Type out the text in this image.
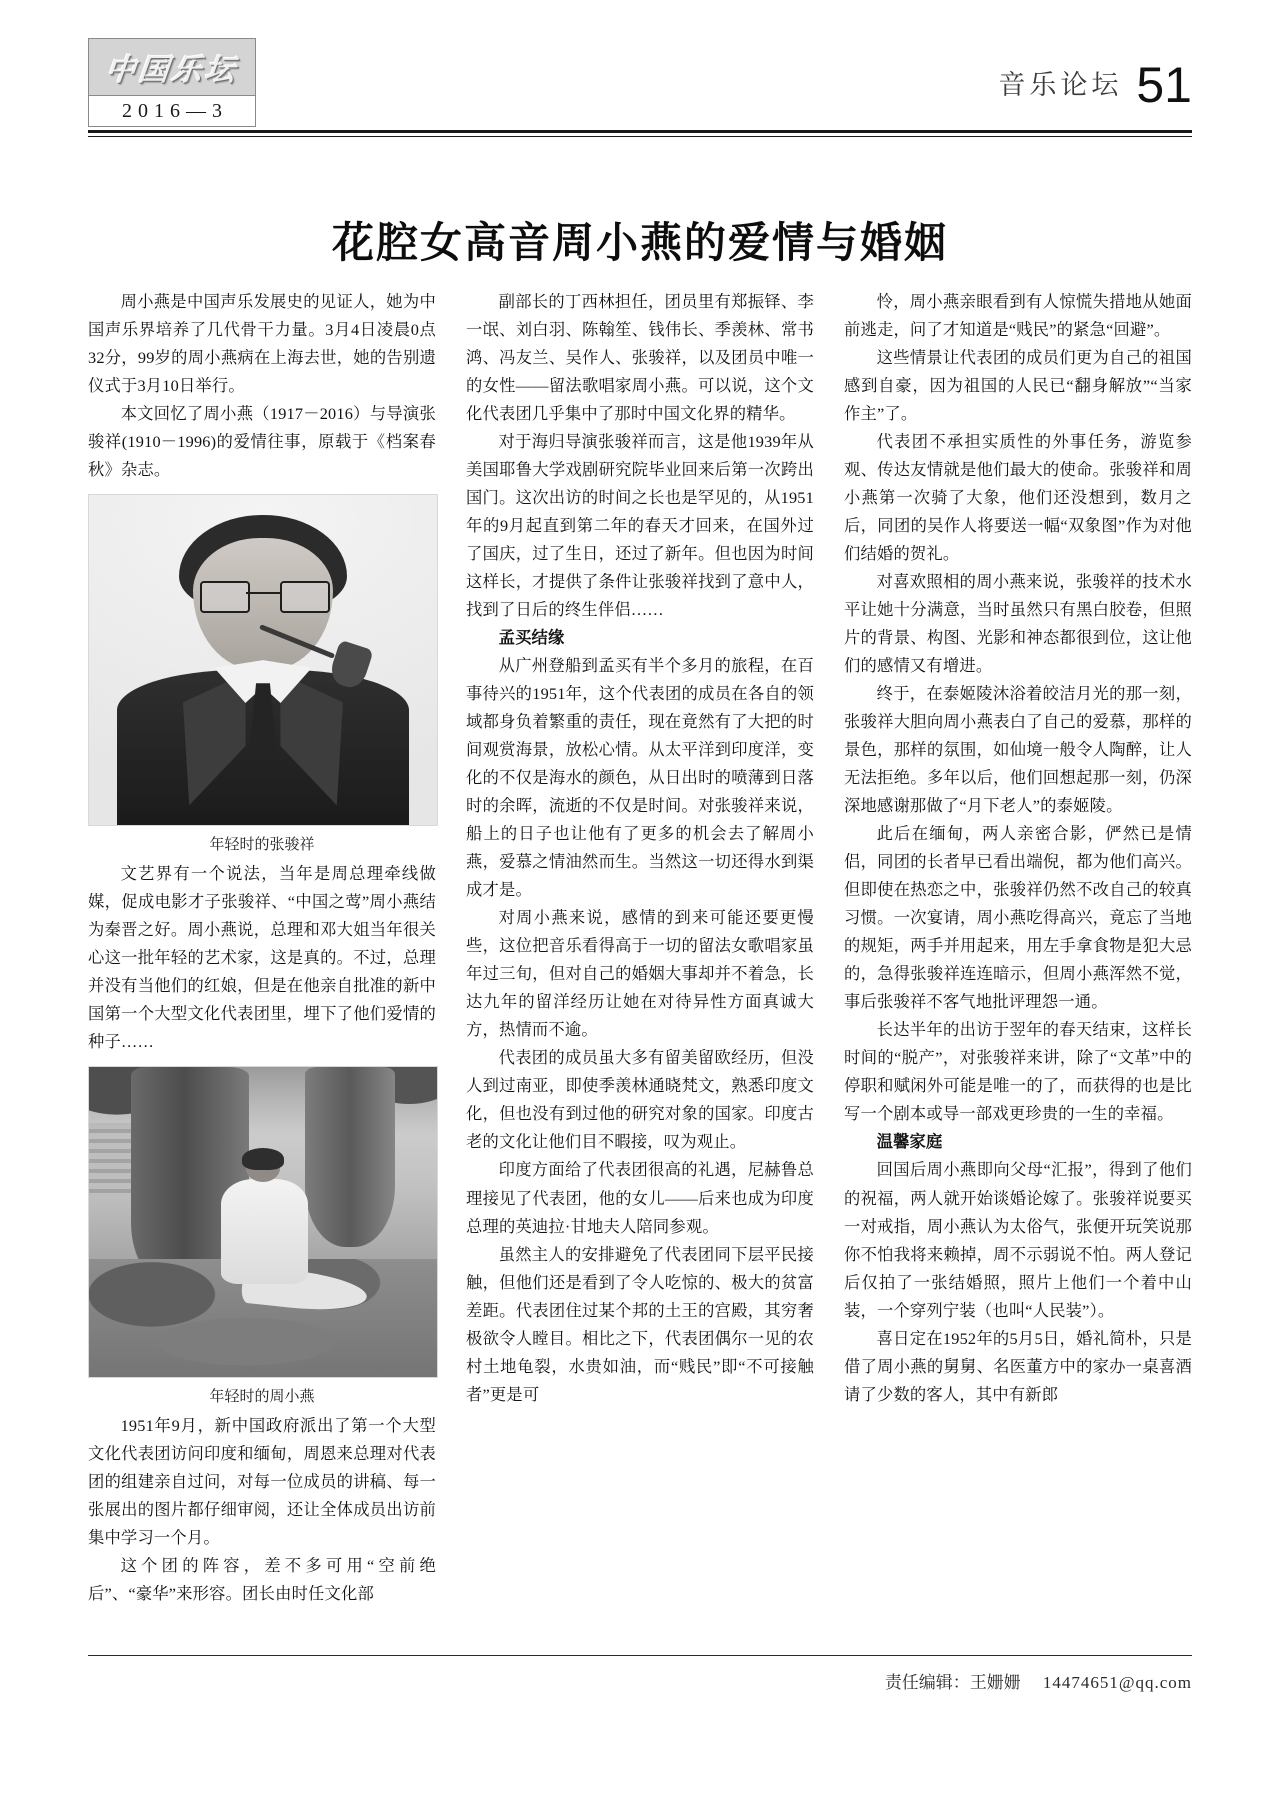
中国乐坛
2016—3
音乐论坛 51
花腔女高音周小燕的爱情与婚姻

周小燕是中国声乐发展史的见证人，她为中国声乐界培养了几代骨干力量。3月4日凌晨0点32分，99岁的周小燕病在上海去世，她的告别遗仪式于3月10日举行。

本文回忆了周小燕（1917－2016）与导演张骏祥(1910－1996)的爱情往事，原载于《档案春秋》杂志。

年轻时的张骏祥

文艺界有一个说法，当年是周总理牵线做媒，促成电影才子张骏祥、“中国之莺”周小燕结为秦晋之好。周小燕说，总理和邓大姐当年很关心这一批年轻的艺术家，这是真的。不过，总理并没有当他们的红娘，但是在他亲自批准的新中国第一个大型文化代表团里，埋下了他们爱情的种子……

年轻时的周小燕

1951年9月，新中国政府派出了第一个大型文化代表团访问印度和缅甸，周恩来总理对代表团的组建亲自过问，对每一位成员的讲稿、每一张展出的图片都仔细审阅，还让全体成员出访前集中学习一个月。

这个团的阵容，差不多可用“空前绝后”、“豪华”来形容。团长由时任文化部

副部长的丁西林担任，团员里有郑振铎、李一氓、刘白羽、陈翰笙、钱伟长、季羡林、常书鸿、冯友兰、吴作人、张骏祥，以及团员中唯一的女性——留法歌唱家周小燕。可以说，这个文化代表团几乎集中了那时中国文化界的精华。

对于海归导演张骏祥而言，这是他1939年从美国耶鲁大学戏剧研究院毕业回来后第一次跨出国门。这次出访的时间之长也是罕见的，从1951年的9月起直到第二年的春天才回来，在国外过了国庆，过了生日，还过了新年。但也因为时间这样长，才提供了条件让张骏祥找到了意中人，找到了日后的终生伴侣……

孟买结缘

从广州登船到孟买有半个多月的旅程，在百事待兴的1951年，这个代表团的成员在各自的领域都身负着繁重的责任，现在竟然有了大把的时间观赏海景，放松心情。从太平洋到印度洋，变化的不仅是海水的颜色，从日出时的喷薄到日落时的余晖，流逝的不仅是时间。对张骏祥来说，船上的日子也让他有了更多的机会去了解周小燕，爱慕之情油然而生。当然这一切还得水到渠成才是。

对周小燕来说，感情的到来可能还要更慢些，这位把音乐看得高于一切的留法女歌唱家虽年过三旬，但对自己的婚姻大事却并不着急，长达九年的留洋经历让她在对待异性方面真诚大方，热情而不逾。

代表团的成员虽大多有留美留欧经历，但没人到过南亚，即使季羡林通晓梵文，熟悉印度文化，但也没有到过他的研究对象的国家。印度古老的文化让他们目不暇接，叹为观止。

印度方面给了代表团很高的礼遇，尼赫鲁总理接见了代表团，他的女儿——后来也成为印度总理的英迪拉·甘地夫人陪同参观。

虽然主人的安排避免了代表团同下层平民接触，但他们还是看到了令人吃惊的、极大的贫富差距。代表团住过某个邦的土王的宫殿，其穷奢极欲令人瞠目。相比之下，代表团偶尔一见的农村土地龟裂，水贵如油，而“贱民”即“不可接触者”更是可

怜，周小燕亲眼看到有人惊慌失措地从她面前逃走，问了才知道是“贱民”的紧急“回避”。

这些情景让代表团的成员们更为自己的祖国感到自豪，因为祖国的人民已“翻身解放”“当家作主”了。

代表团不承担实质性的外事任务，游览参观、传达友情就是他们最大的使命。张骏祥和周小燕第一次骑了大象，他们还没想到，数月之后，同团的吴作人将要送一幅“双象图”作为对他们结婚的贺礼。

对喜欢照相的周小燕来说，张骏祥的技术水平让她十分满意，当时虽然只有黑白胶卷，但照片的背景、构图、光影和神态都很到位，这让他们的感情又有增进。

终于，在泰姬陵沐浴着皎洁月光的那一刻，张骏祥大胆向周小燕表白了自己的爱慕，那样的景色，那样的氛围，如仙境一般令人陶醉，让人无法拒绝。多年以后，他们回想起那一刻，仍深深地感谢那做了“月下老人”的泰姬陵。

此后在缅甸，两人亲密合影，俨然已是情侣，同团的长者早已看出端倪，都为他们高兴。但即使在热恋之中，张骏祥仍然不改自己的较真习惯。一次宴请，周小燕吃得高兴，竟忘了当地的规矩，两手并用起来，用左手拿食物是犯大忌的，急得张骏祥连连暗示，但周小燕浑然不觉，事后张骏祥不客气地批评理怨一通。

长达半年的出访于翌年的春天结束，这样长时间的“脱产”，对张骏祥来讲，除了“文革”中的停职和赋闲外可能是唯一的了，而获得的也是比写一个剧本或导一部戏更珍贵的一生的幸福。

温馨家庭

回国后周小燕即向父母“汇报”，得到了他们的祝福，两人就开始谈婚论嫁了。张骏祥说要买一对戒指，周小燕认为太俗气，张便开玩笑说那你不怕我将来赖掉，周不示弱说不怕。两人登记后仅拍了一张结婚照，照片上他们一个着中山装，一个穿列宁装（也叫“人民装”）。

喜日定在1952年的5月5日，婚礼简朴，只是借了周小燕的舅舅、名医董方中的家办一桌喜酒请了少数的客人，其中有新郎

责任编辑：王姗姗 14474651@qq.com
